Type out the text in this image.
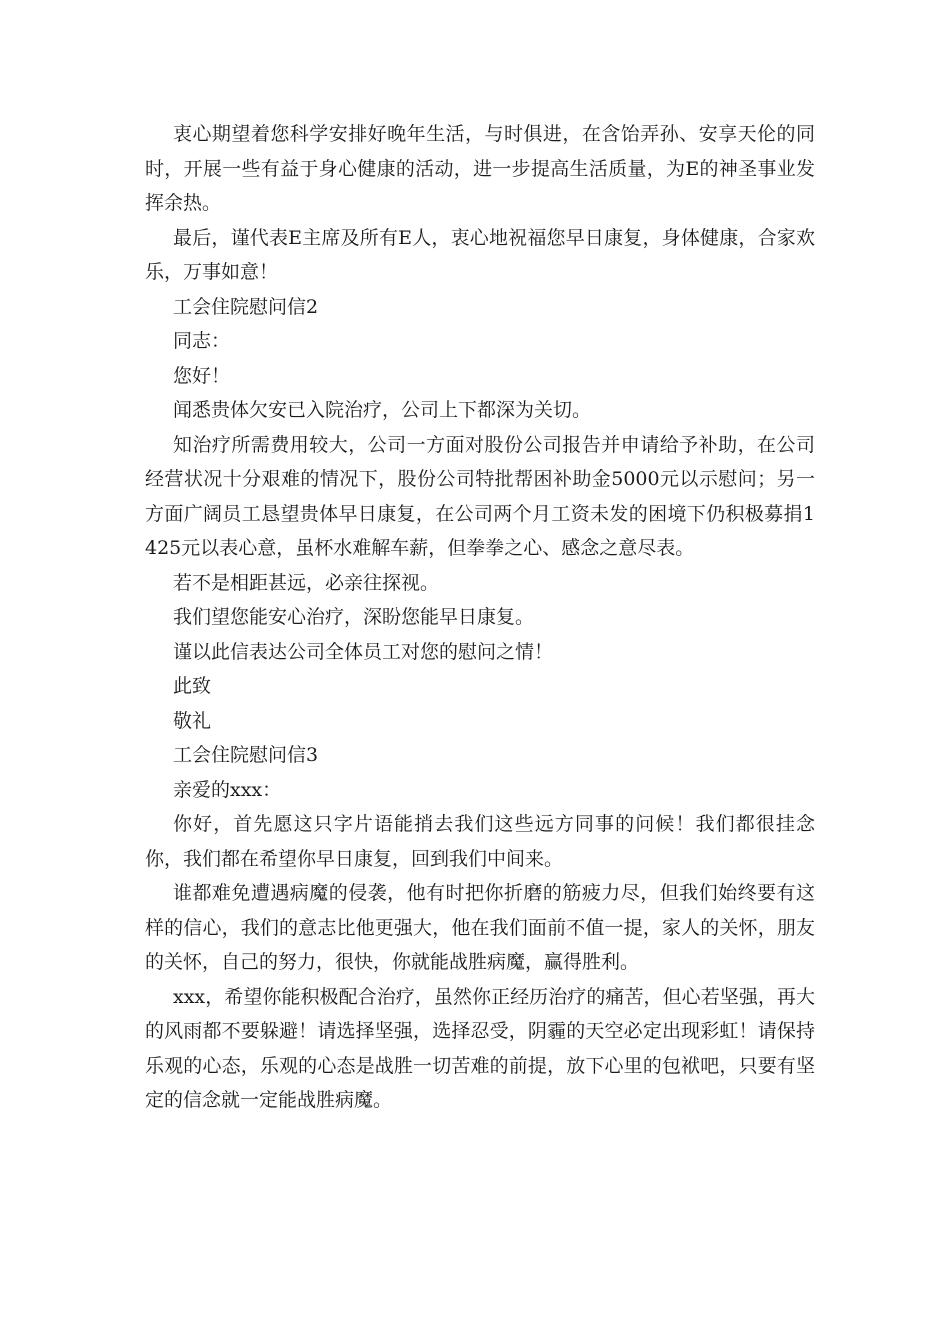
衷心期望着您科学安排好晚年生活，与时俱进，在含饴弄孙、安享天伦的同时，开展一些有益于身心健康的活动，进一步提高生活质量，为E的神圣事业发挥余热。

最后，谨代表E主席及所有E人，衷心地祝福您早日康复，身体健康，合家欢乐，万事如意！

工会住院慰问信2

同志：

您好！

闻悉贵体欠安已入院治疗，公司上下都深为关切。

知治疗所需费用较大，公司一方面对股份公司报告并申请给予补助，在公司经营状况十分艰难的情况下，股份公司特批帮困补助金5000元以示慰问；另一方面广阔员工恳望贵体早日康复，在公司两个月工资未发的困境下仍积极募捐1425元以表心意，虽杯水难解车薪，但拳拳之心、感念之意尽表。

若不是相距甚远，必亲往探视。

我们望您能安心治疗，深盼您能早日康复。

谨以此信表达公司全体员工对您的慰问之情！

此致

敬礼

工会住院慰问信3

亲爱的xxx：

你好，首先愿这只字片语能捎去我们这些远方同事的问候！我们都很挂念你，我们都在希望你早日康复，回到我们中间来。

谁都难免遭遇病魔的侵袭，他有时把你折磨的筋疲力尽，但我们始终要有这样的信心，我们的意志比他更强大，他在我们面前不值一提，家人的关怀，朋友的关怀，自己的努力，很快，你就能战胜病魔，赢得胜利。

xxx，希望你能积极配合治疗，虽然你正经历治疗的痛苦，但心若坚强，再大的风雨都不要躲避！请选择坚强，选择忍受，阴霾的天空必定出现彩虹！请保持乐观的心态，乐观的心态是战胜一切苦难的前提，放下心里的包袱吧，只要有坚定的信念就一定能战胜病魔。
